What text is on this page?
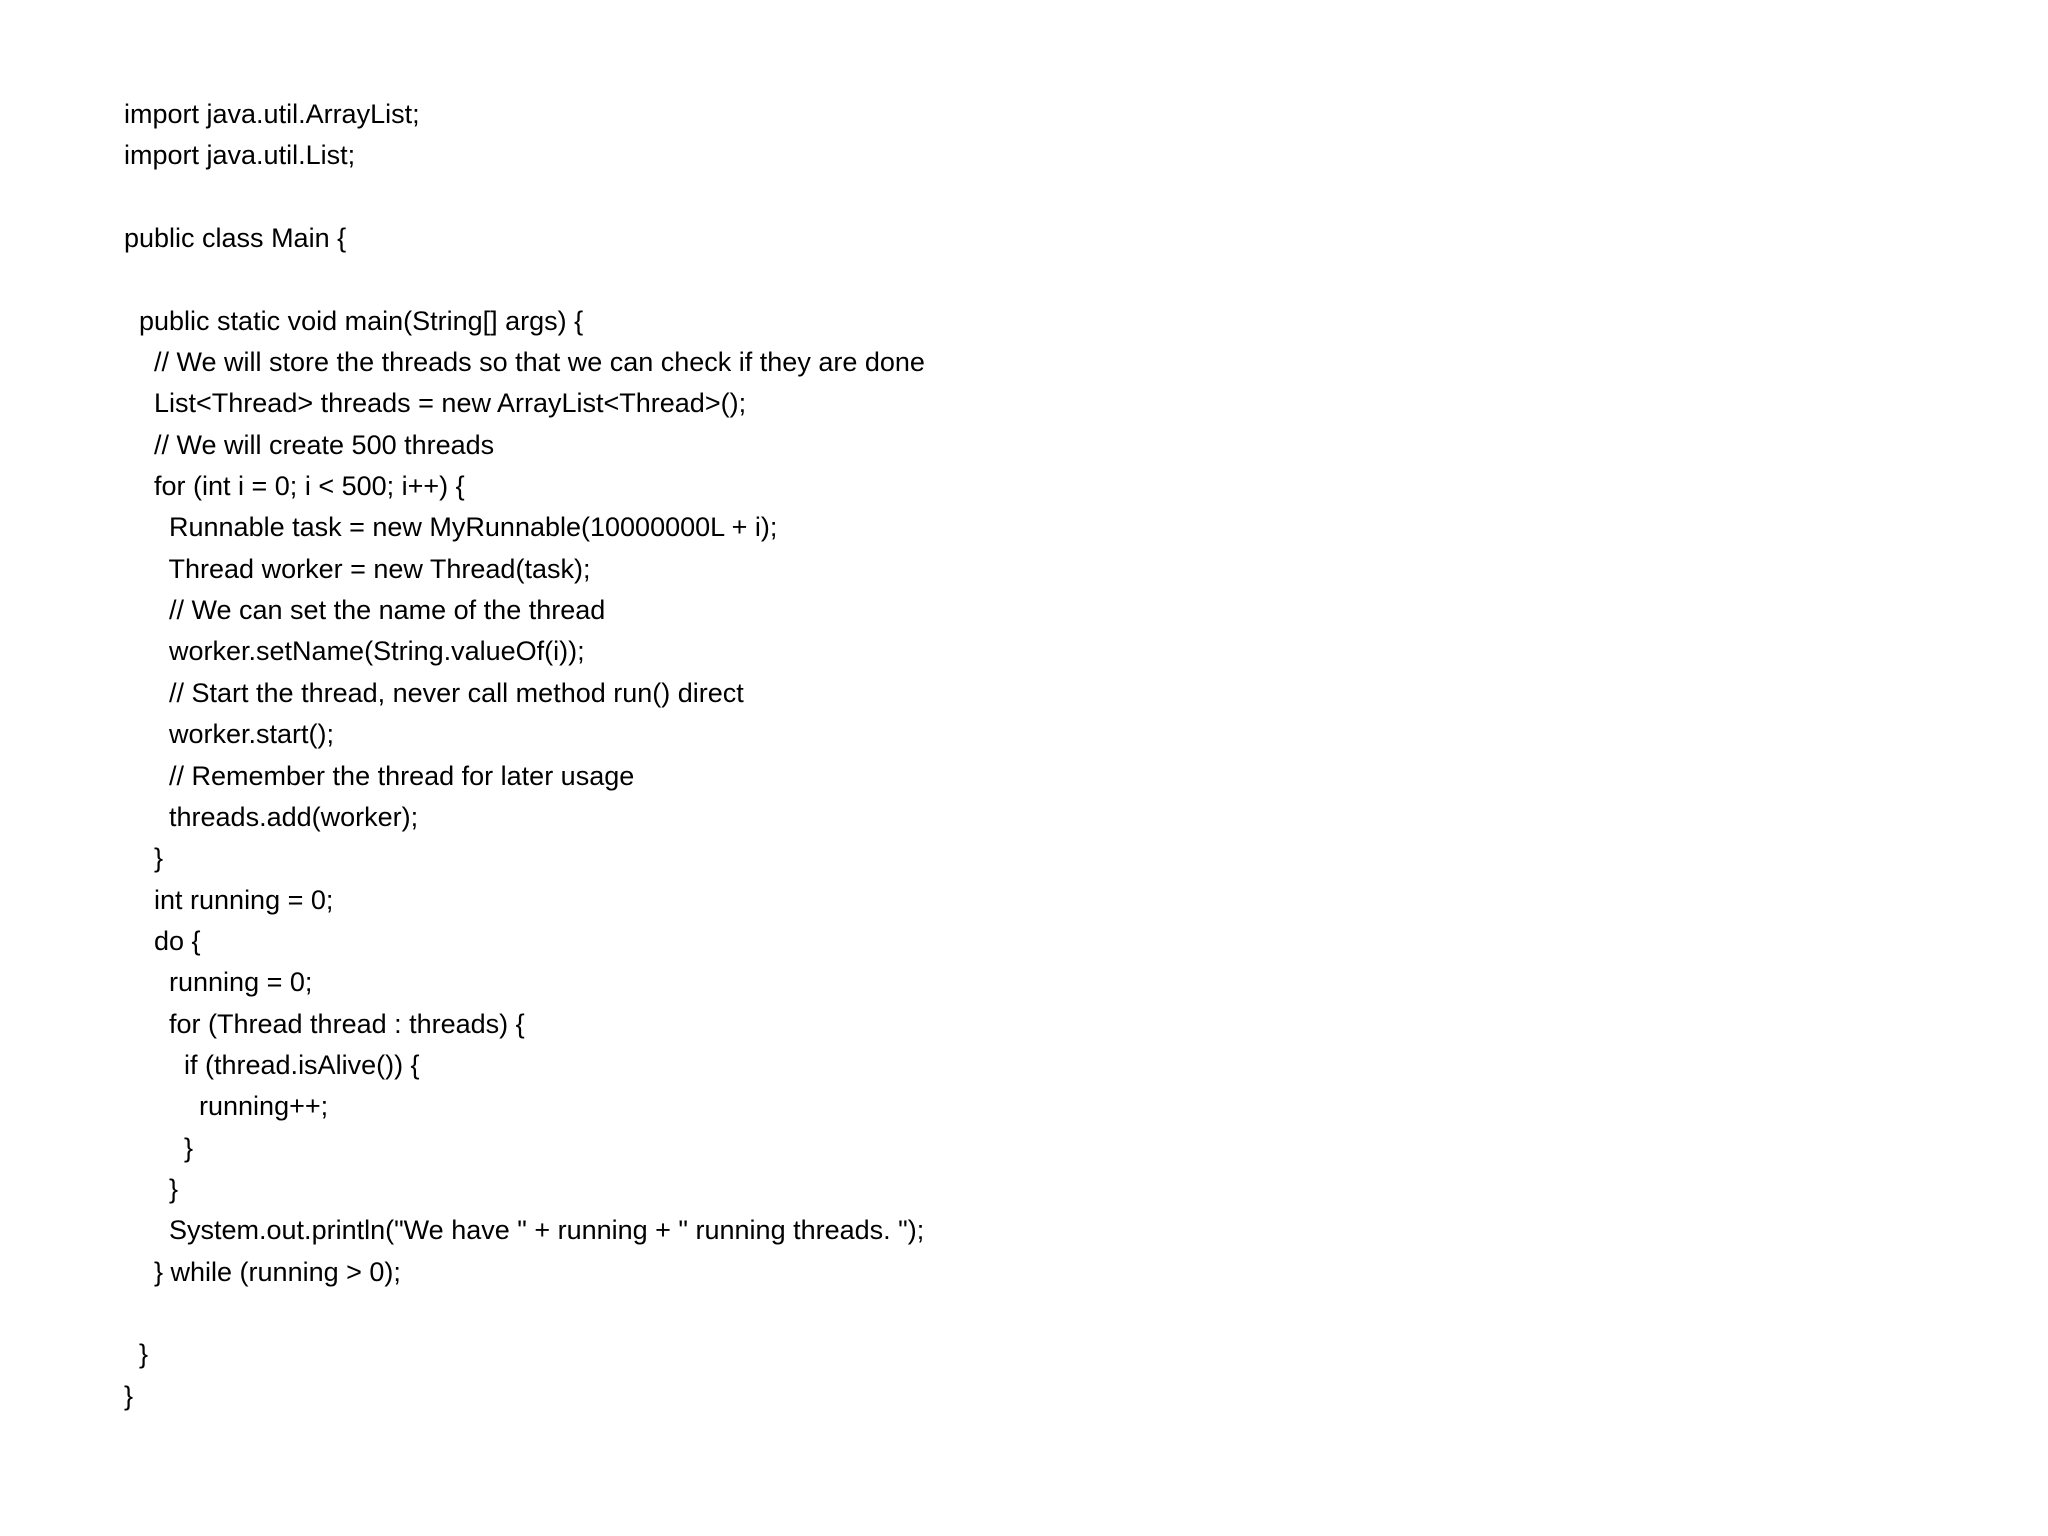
import java.util.ArrayList;
import java.util.List;
public class Main {
public static void main(String[] args) {
// We will store the threads so that we can check if they are done
List<Thread> threads = new ArrayList<Thread>();
// We will create 500 threads
for (int i = 0; i < 500; i++) {
Runnable task = new MyRunnable(10000000L + i);
Thread worker = new Thread(task);
// We can set the name of the thread
worker.setName(String.valueOf(i));
// Start the thread, never call method run() direct
worker.start();
// Remember the thread for later usage
threads.add(worker);
}
int running = 0;
do {
running = 0;
for (Thread thread : threads) {
if (thread.isAlive()) {
running++;
}
}
System.out.println("We have " + running + " running threads. ");
} while (running > 0);
}
}
